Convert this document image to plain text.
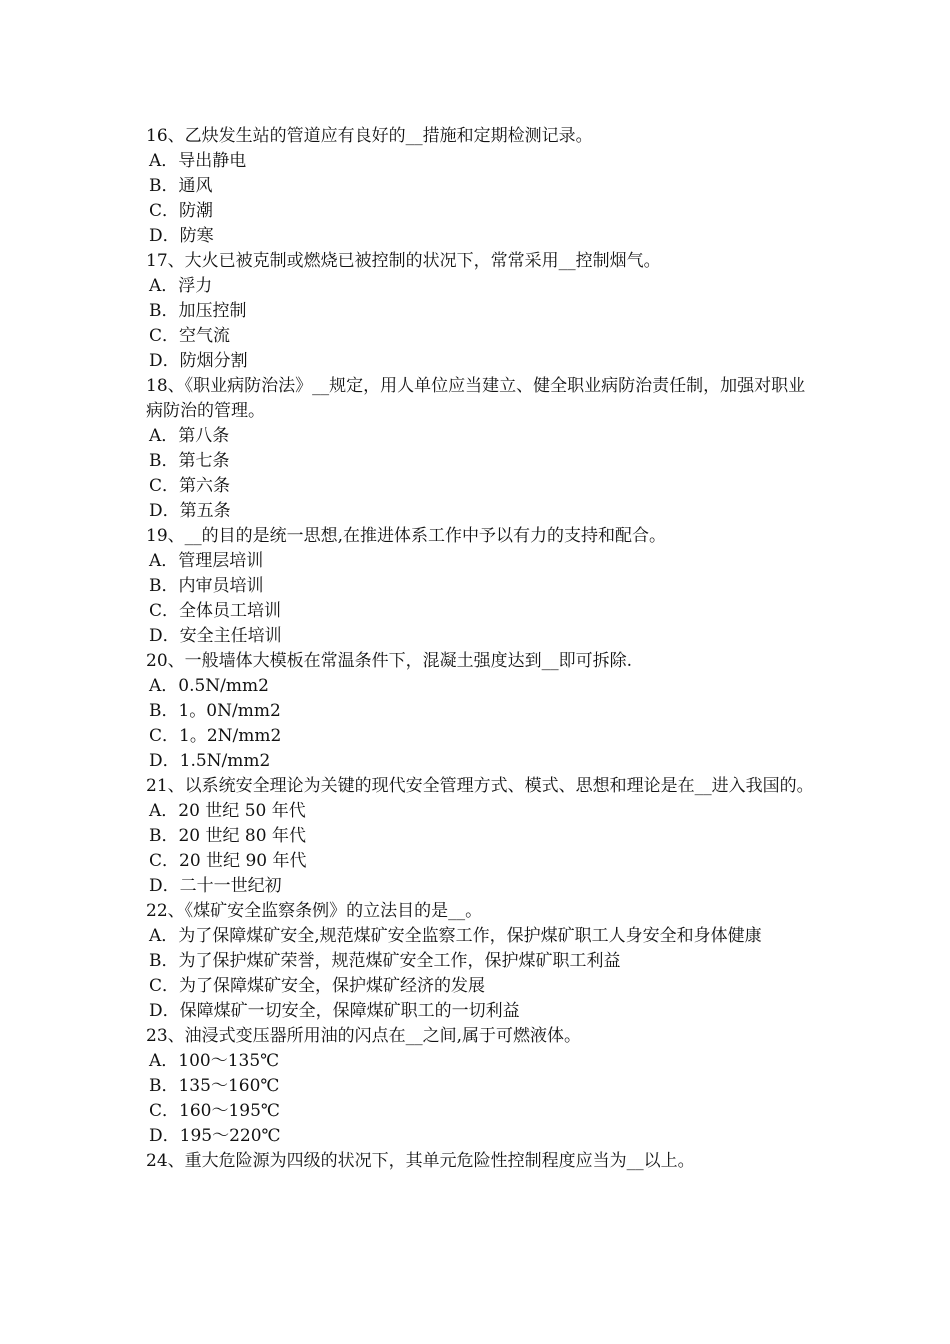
16、乙炔发生站的管道应有良好的__措施和定期检测记录。

A．导出静电

B．通风

C．防潮

D．防寒

17、大火已被克制或燃烧已被控制的状况下，常常采用__控制烟气。

A．浮力

B．加压控制

C．空气流

D．防烟分割

18、《职业病防治法》__规定，用人单位应当建立、健全职业病防治责任制，加强对职业病防治的管理。

A．第八条

B．第七条

C．第六条

D．第五条

19、__的目的是统一思想,在推进体系工作中予以有力的支持和配合。

A．管理层培训

B．内审员培训

C．全体员工培训

D．安全主任培训

20、一般墙体大模板在常温条件下，混凝土强度达到__即可拆除.

A．0.5N/mm2

B．1。0N/mm2

C．1。2N/mm2

D．1.5N/mm2

21、以系统安全理论为关键的现代安全管理方式、模式、思想和理论是在__进入我国的。

A．20 世纪 50 年代

B．20 世纪 80 年代

C．20 世纪 90 年代

D．二十一世纪初

22、《煤矿安全监察条例》的立法目的是__。

A．为了保障煤矿安全,规范煤矿安全监察工作，保护煤矿职工人身安全和身体健康

B．为了保护煤矿荣誉，规范煤矿安全工作，保护煤矿职工利益

C．为了保障煤矿安全，保护煤矿经济的发展

D．保障煤矿一切安全，保障煤矿职工的一切利益

23、油浸式变压器所用油的闪点在__之间,属于可燃液体。

A．100～135℃

B．135～160℃

C．160～195℃

D．195～220℃

24、重大危险源为四级的状况下，其单元危险性控制程度应当为__以上。
